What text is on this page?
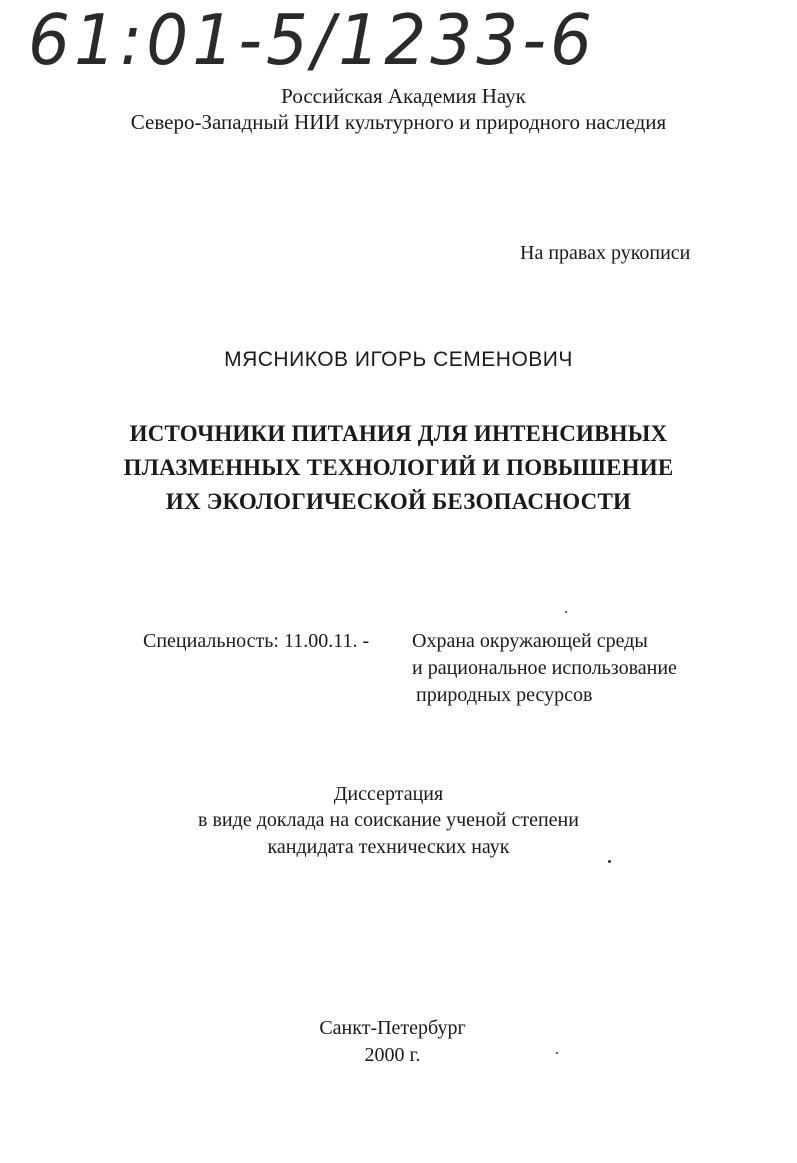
61:01-5/1233-6
Российская Академия Наук
Северо-Западный НИИ культурного и природного наследия
На правах рукописи
МЯСНИКОВ ИГОРЬ СЕМЕНОВИЧ
ИСТОЧНИКИ ПИТАНИЯ ДЛЯ ИНТЕНСИВНЫХ
ПЛАЗМЕННЫХ ТЕХНОЛОГИЙ И ПОВЫШЕНИЕ
ИХ ЭКОЛОГИЧЕСКОЙ БЕЗОПАСНОСТИ
Специальность: 11.00.11. - Охрана окружающей среды
и рациональное использование
природных ресурсов
Диссертация
в виде доклада на соискание ученой степени
кандидата технических наук
Санкт-Петербург
2000 г.
